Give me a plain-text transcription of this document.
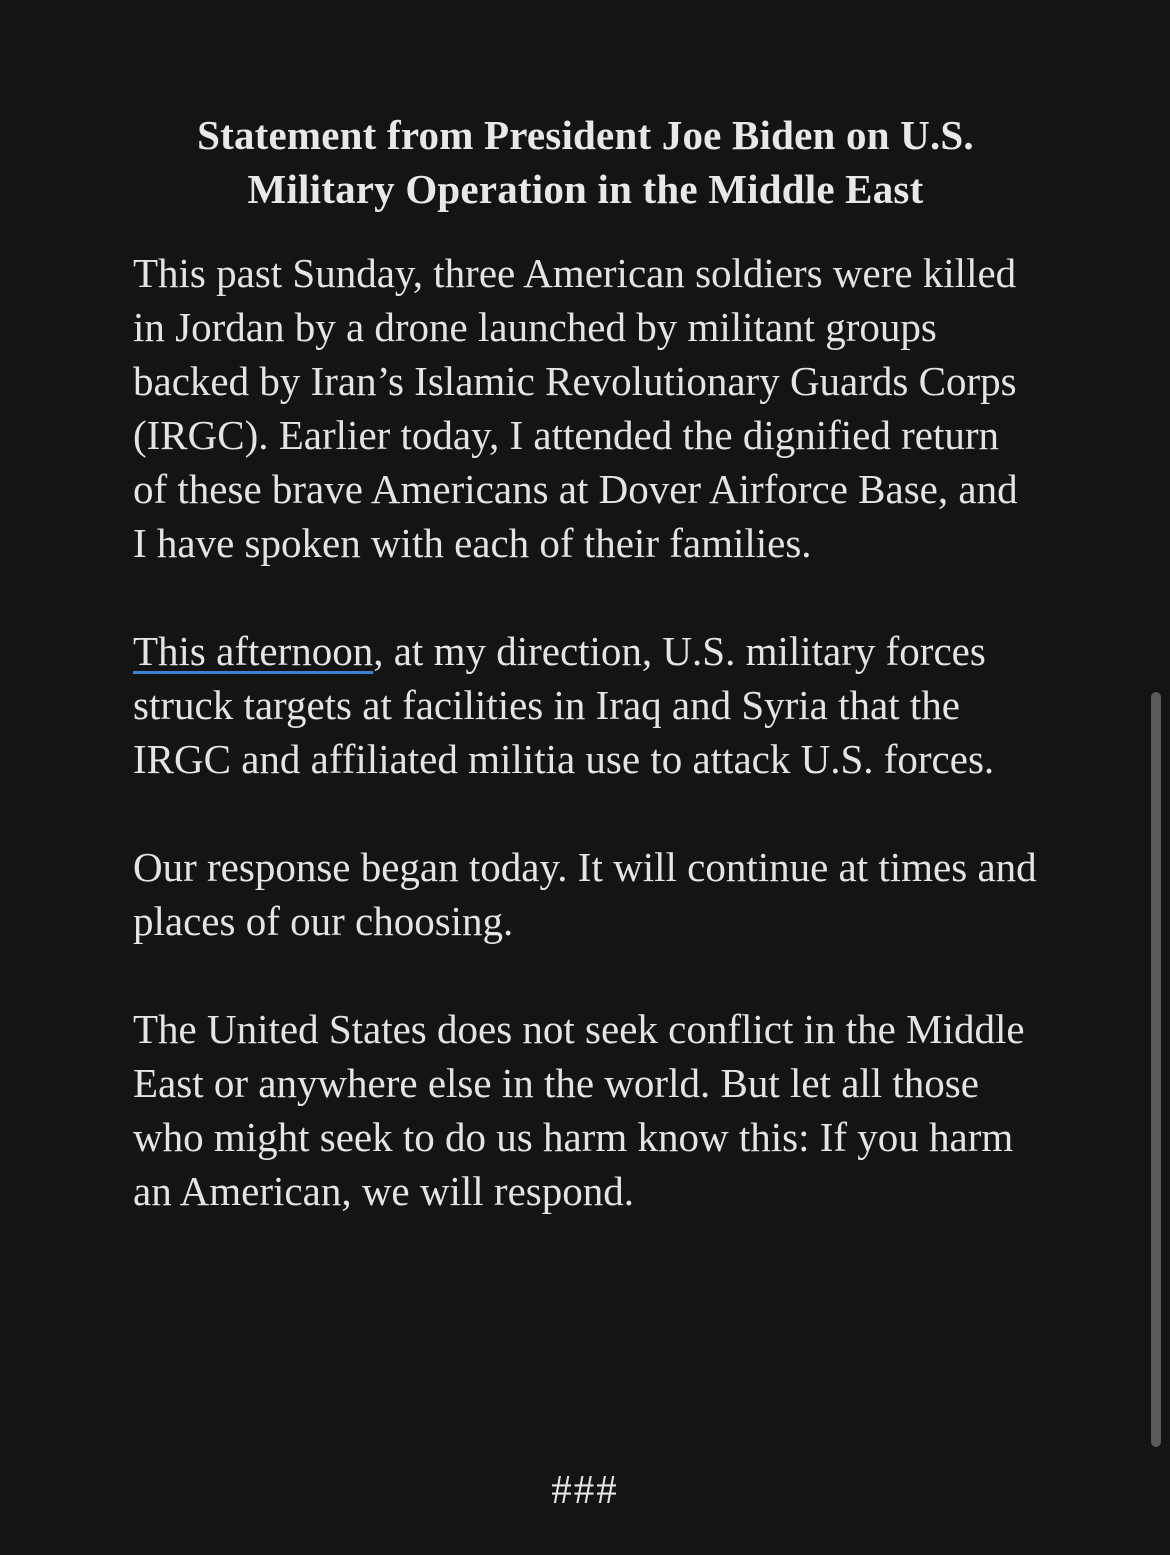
Statement from President Joe Biden on U.S. Military Operation in the Middle East

This past Sunday, three American soldiers were killed in Jordan by a drone launched by militant groups backed by Iran’s Islamic Revolutionary Guards Corps (IRGC). Earlier today, I attended the dignified return of these brave Americans at Dover Airforce Base, and I have spoken with each of their families.

This afternoon, at my direction, U.S. military forces struck targets at facilities in Iraq and Syria that the IRGC and affiliated militia use to attack U.S. forces.

Our response began today. It will continue at times and places of our choosing.

The United States does not seek conflict in the Middle East or anywhere else in the world. But let all those who might seek to do us harm know this: If you harm an American, we will respond.

###
